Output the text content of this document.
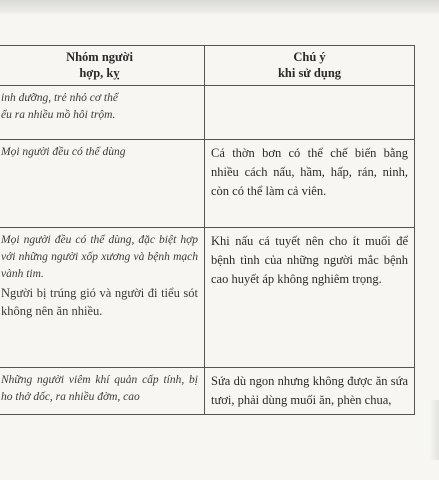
Nhóm người
hợp, kỵ	Chú ý
khi sử dụng

inh dưỡng, trẻ nhỏ cơ thể
ểu ra nhiều mồ hôi trộm.	

Mọi người đều có thể dùng	Cá thờn bơn có thể chế biến bằng nhiều cách nấu, hầm, hấp, rán, ninh, còn có thể làm cả viên.

Mọi người đều có thể dùng, đặc biệt hợp với những người xốp xương và bệnh mạch vành tim.
Người bị trúng gió và người đi tiểu sót không nên ăn nhiều.	Khi nấu cá tuyết nên cho ít muối để bệnh tình của những người mắc bệnh cao huyết áp không nghiêm trọng.

Những người viêm khí quản cấp tính, bị ho thở dốc, ra nhiều đờm, cao	Sứa dù ngon nhưng không được ăn sứa tươi, phải dùng muối ăn, phèn chua,
